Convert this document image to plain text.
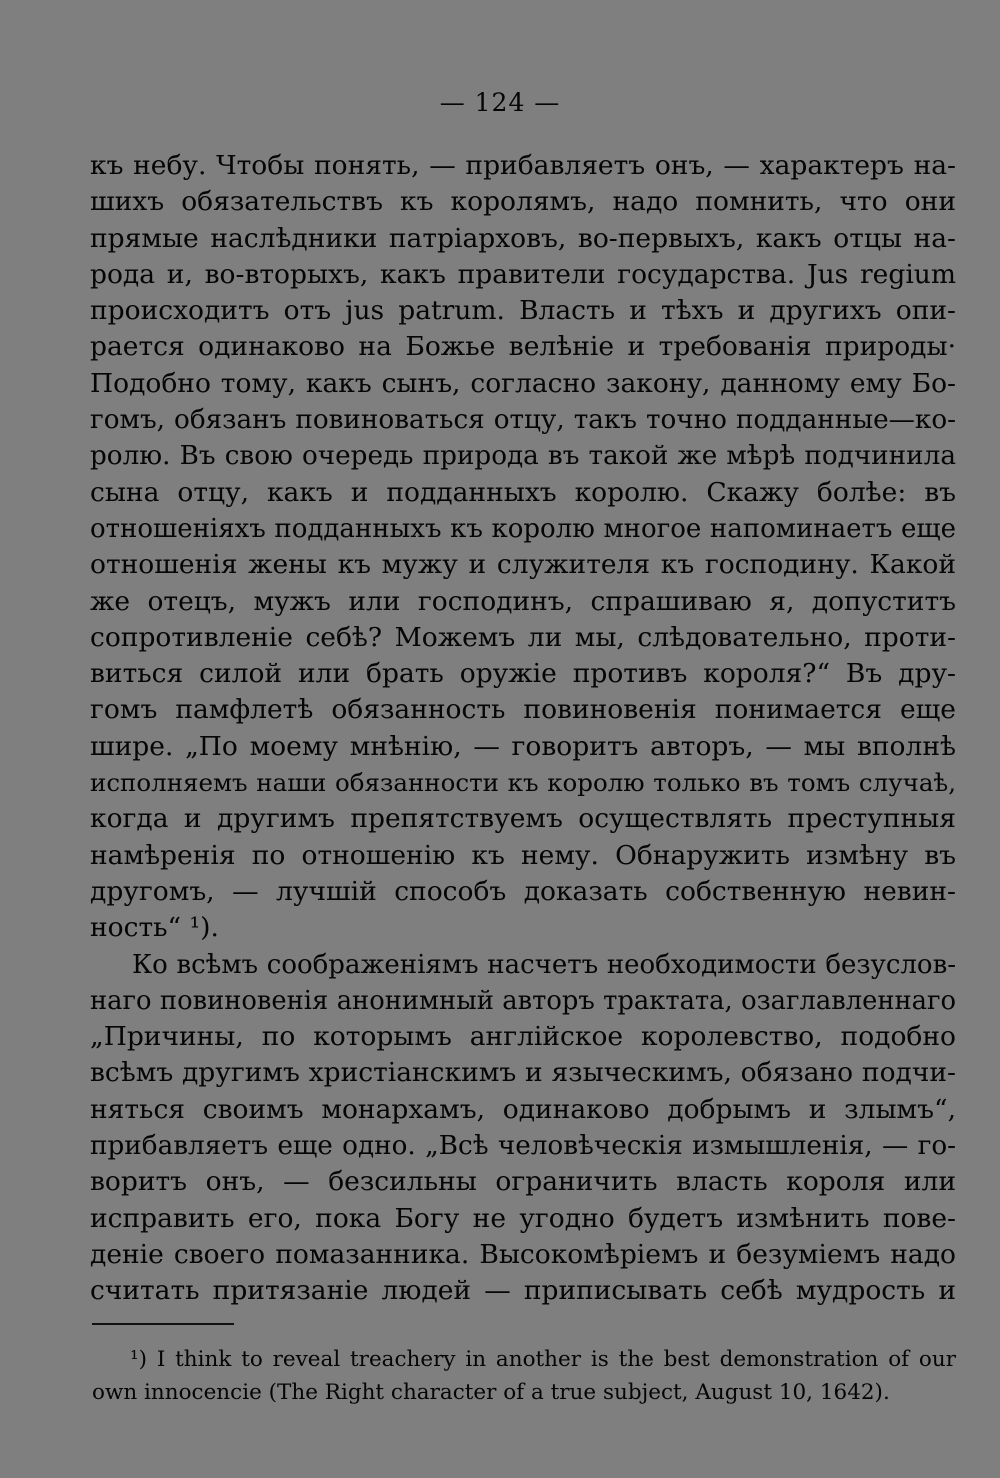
— 124 —
къ небу. Чтобы понять, — прибавляетъ онъ, — характеръ на-
шихъ обязательствъ къ королямъ, надо помнить, что они
прямые наслѣдники патріарховъ, во-первыхъ, какъ отцы на-
рода и, во-вторыхъ, какъ правители государства. Jus regium
происходитъ отъ jus patrum. Власть и тѣхъ и другихъ опи-
рается одинаково на Божье велѣніе и требованія природы·
Подобно тому, какъ сынъ, согласно закону, данному ему Бо-
гомъ, обязанъ повиноваться отцу, такъ точно подданные—ко-
ролю. Въ свою очередь природа въ такой же мѣрѣ подчинила
сына отцу, какъ и подданныхъ королю. Скажу болѣе: въ
отношеніяхъ подданныхъ къ королю многое напоминаетъ еще
отношенія жены къ мужу и служителя къ господину. Какой
же отецъ, мужъ или господинъ, спрашиваю я, допуститъ
сопротивленіе себѣ? Можемъ ли мы, слѣдовательно, проти-
виться силой или брать оружіе противъ короля?“ Въ дру-
гомъ памфлетѣ обязанность повиновенія понимается еще
шире. „По моему мнѣнію, — говоритъ авторъ, — мы вполнѣ
исполняемъ наши обязанности къ королю только въ томъ случаѣ,
когда и другимъ препятствуемъ осуществлять преступныя
намѣренія по отношенію къ нему. Обнаружить измѣну въ
другомъ, — лучшій способъ доказать собственную невин-
ность“ ¹).
Ко всѣмъ соображеніямъ насчетъ необходимости безуслов-
наго повиновенія анонимный авторъ трактата, озаглавленнаго
„Причины, по которымъ англійское королевство, подобно
всѣмъ другимъ христіанскимъ и языческимъ, обязано подчи-
няться своимъ монархамъ, одинаково добрымъ и злымъ“,
прибавляетъ еще одно. „Всѣ человѣческія измышленія, — го-
воритъ онъ, — безсильны ограничить власть короля или
исправить его, пока Богу не угодно будетъ измѣнить пове-
деніе своего помазанника. Высокомѣріемъ и безуміемъ надо
считать притязаніе людей — приписывать себѣ мудрость и
¹) I think to reveal treachery in another is the best demonstration of our
own innocencie (The Right character of a true subject, August 10, 1642).
